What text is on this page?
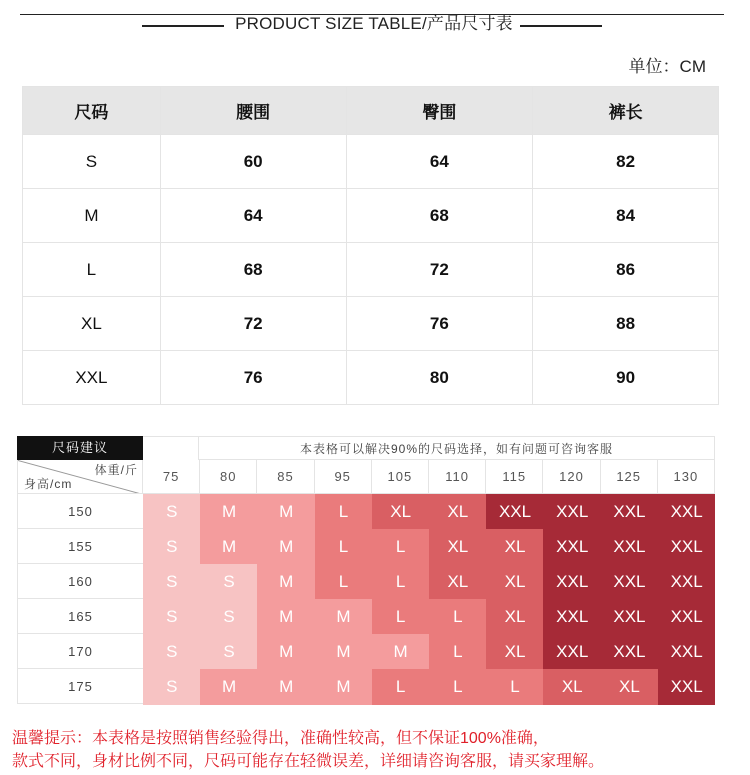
PRODUCT SIZE TABLE/产品尺寸表
单位：CM
尺码	腰围	臀围	裤长
S	60	64	82
M	64	68	84
L	68	72	86
XL	72	76	88
XXL	76	80	90
尺码建议	本表格可以解决90%的尺码选择，如有问题可咨询客服
体重/斤
身高/cm	75	80	85	95	105	110	115	120	125	130
150	S	M	M	L	XL	XL	XXL	XXL	XXL	XXL
155	S	M	M	L	L	XL	XL	XXL	XXL	XXL
160	S	S	M	L	L	XL	XL	XXL	XXL	XXL
165	S	S	M	M	L	L	XL	XXL	XXL	XXL
170	S	S	M	M	M	L	XL	XXL	XXL	XXL
175	S	M	M	M	L	L	L	XL	XL	XXL
温馨提示：本表格是按照销售经验得出，准确性较高，但不保证100%准确，
款式不同，身材比例不同，尺码可能存在轻微误差，详细请咨询客服，请买家理解。
